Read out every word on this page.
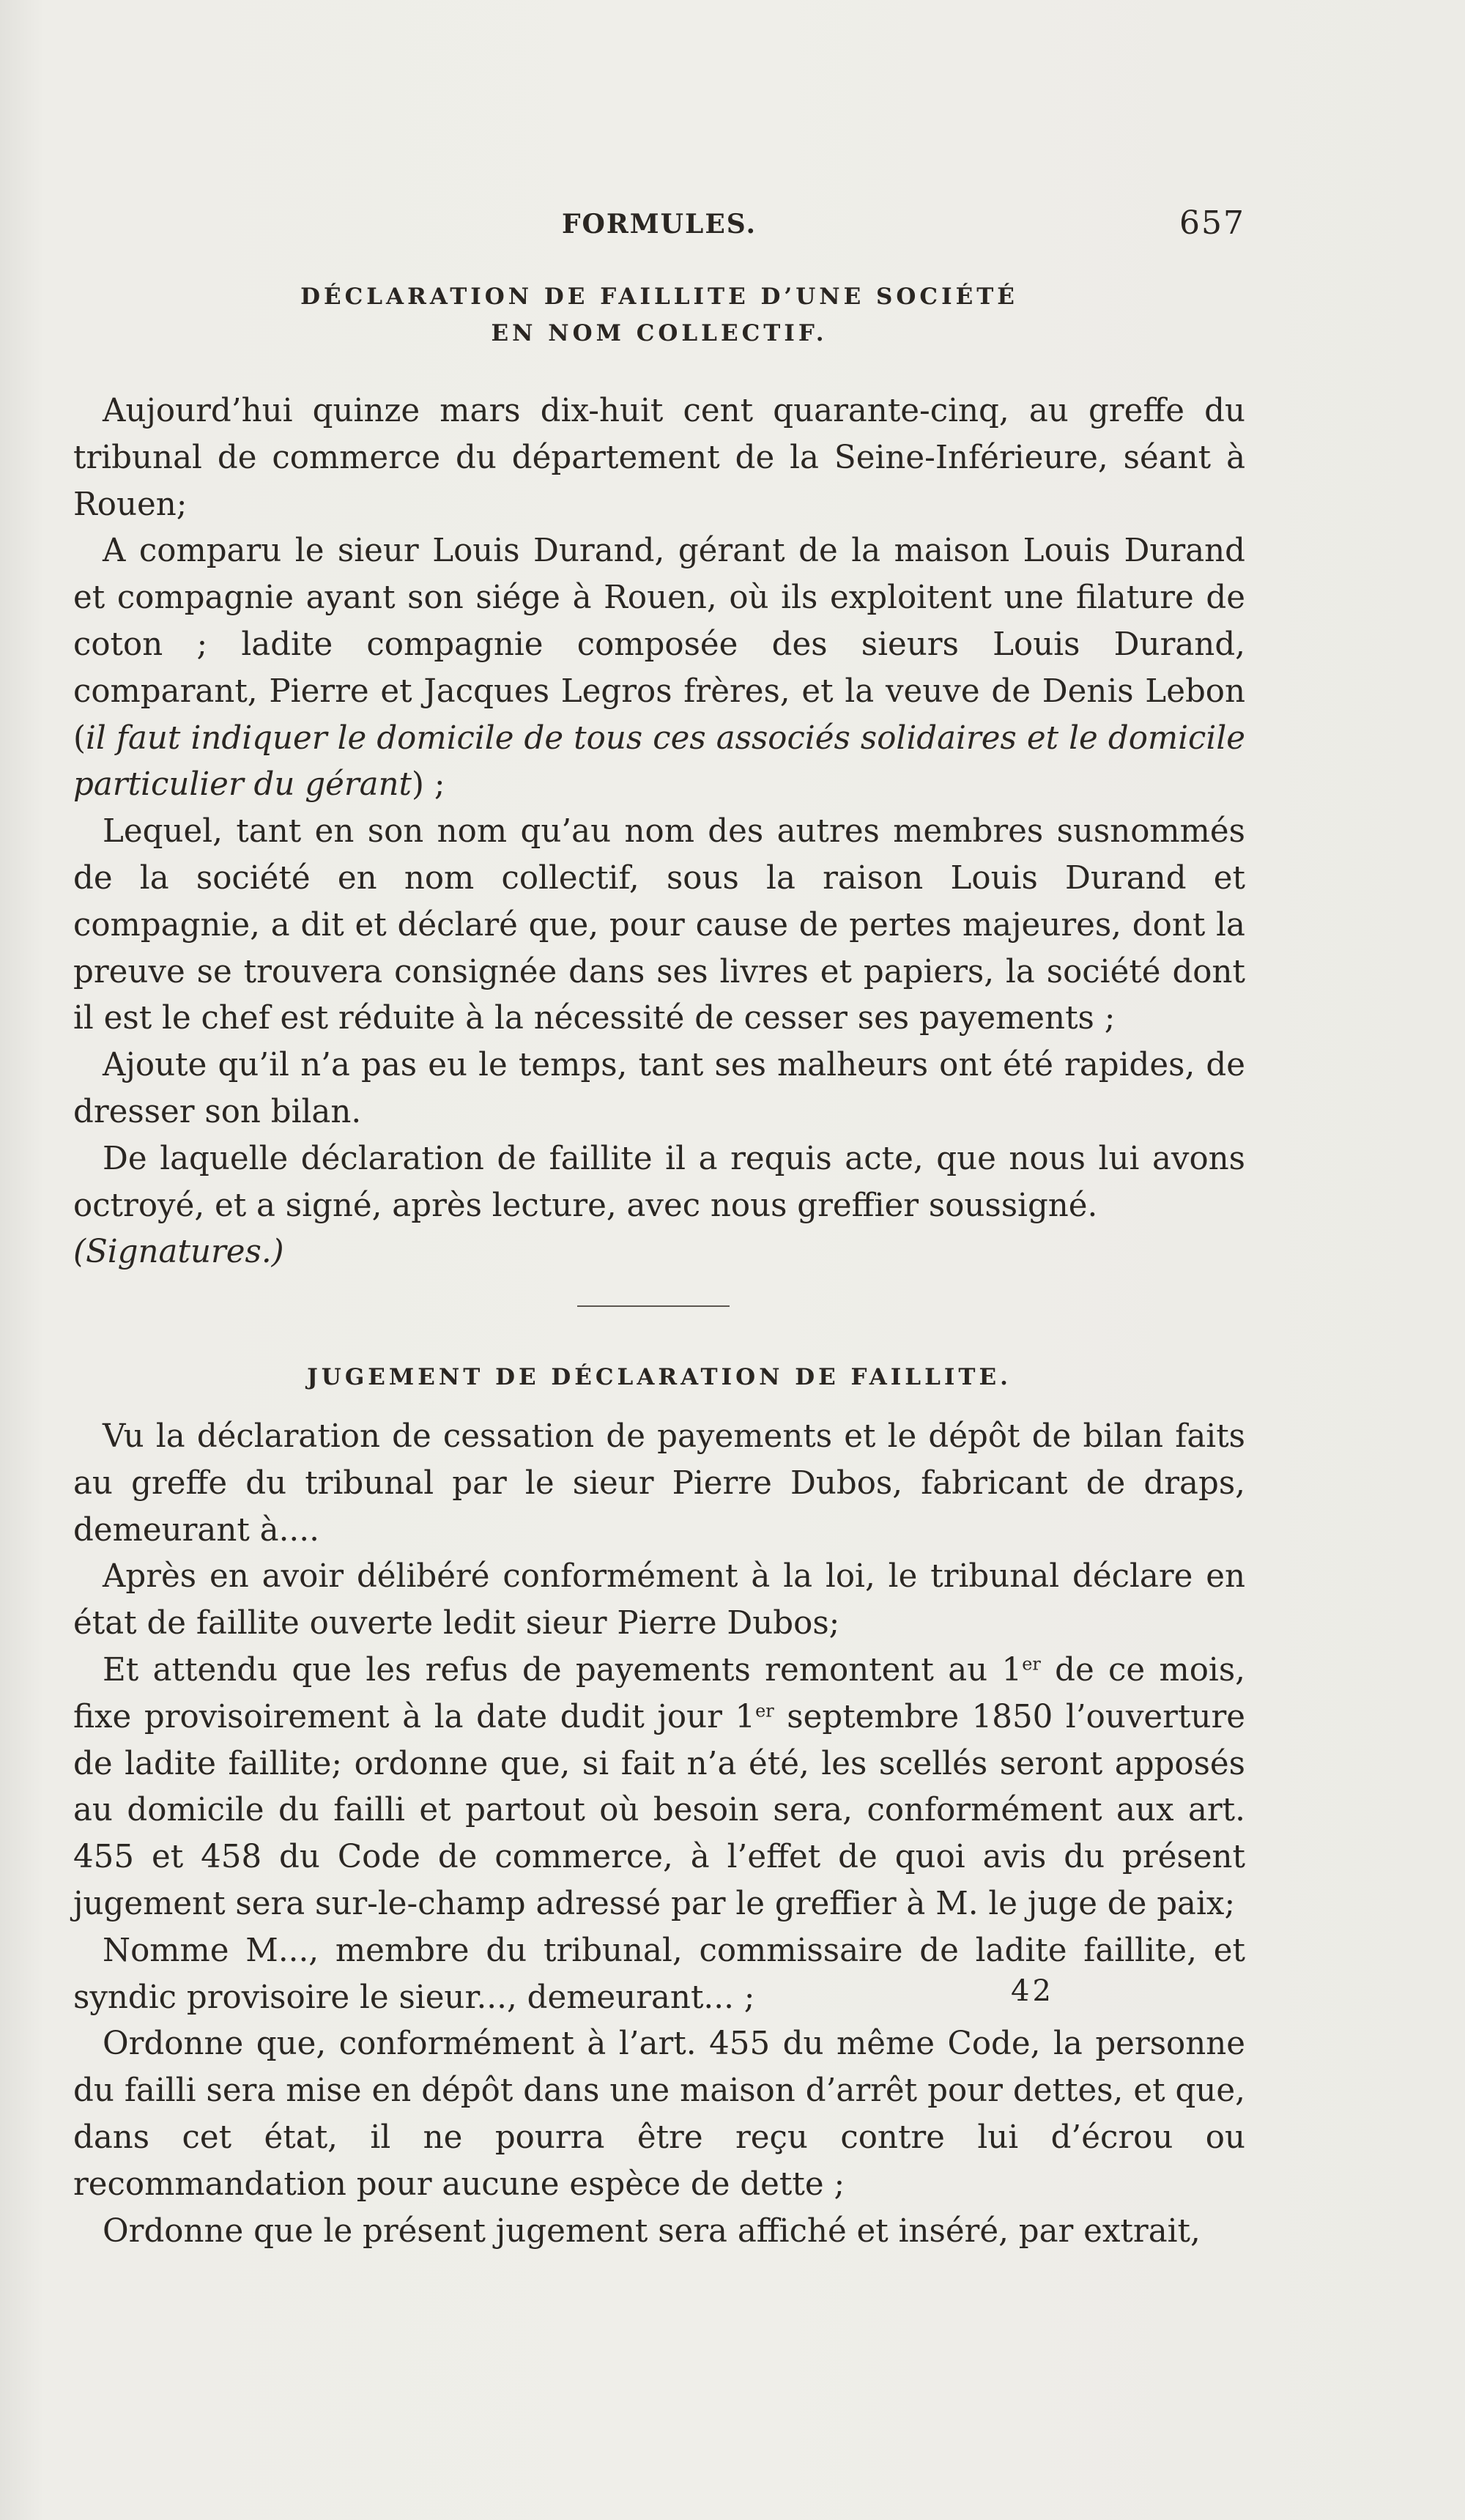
FORMULES.	657
DÉCLARATION DE FAILLITE D’UNE SOCIÉTÉ
EN NOM COLLECTIF.

Aujourd’hui quinze mars dix-huit cent quarante-cinq, au greffe du tribunal de commerce du département de la Seine-Inférieure, séant à Rouen;

A comparu le sieur Louis Durand, gérant de la maison Louis Durand et compagnie ayant son siége à Rouen, où ils exploitent une filature de coton ; ladite compagnie composée des sieurs Louis Durand, comparant, Pierre et Jacques Legros frères, et la veuve de Denis Lebon (il faut indiquer le domicile de tous ces associés solidaires et le domicile particulier du gérant) ;

Lequel, tant en son nom qu’au nom des autres membres susnommés de la société en nom collectif, sous la raison Louis Durand et compagnie, a dit et déclaré que, pour cause de pertes majeures, dont la preuve se trouvera consignée dans ses livres et papiers, la société dont il est le chef est réduite à la nécessité de cesser ses payements ;

Ajoute qu’il n’a pas eu le temps, tant ses malheurs ont été rapides, de dresser son bilan.

De laquelle déclaration de faillite il a requis acte, que nous lui avons octroyé, et a signé, après lecture, avec nous greffier soussigné.

(Signatures.)

JUGEMENT DE DÉCLARATION DE FAILLITE.

Vu la déclaration de cessation de payements et le dépôt de bilan faits au greffe du tribunal par le sieur Pierre Dubos, fabricant de draps, demeurant à....

Après en avoir délibéré conformément à la loi, le tribunal déclare en état de faillite ouverte ledit sieur Pierre Dubos;

Et attendu que les refus de payements remontent au 1er de ce mois, fixe provisoirement à la date dudit jour 1er septembre 1850 l’ouverture de ladite faillite; ordonne que, si fait n’a été, les scellés seront apposés au domicile du failli et partout où besoin sera, conformément aux art. 455 et 458 du Code de commerce, à l’effet de quoi avis du présent jugement sera sur-le-champ adressé par le greffier à M. le juge de paix;

Nomme M..., membre du tribunal, commissaire de ladite faillite, et syndic provisoire le sieur..., demeurant... ;

Ordonne que, conformément à l’art. 455 du même Code, la personne du failli sera mise en dépôt dans une maison d’arrêt pour dettes, et que, dans cet état, il ne pourra être reçu contre lui d’écrou ou recommandation pour aucune espèce de dette ;

Ordonne que le présent jugement sera affiché et inséré, par extrait,

42
